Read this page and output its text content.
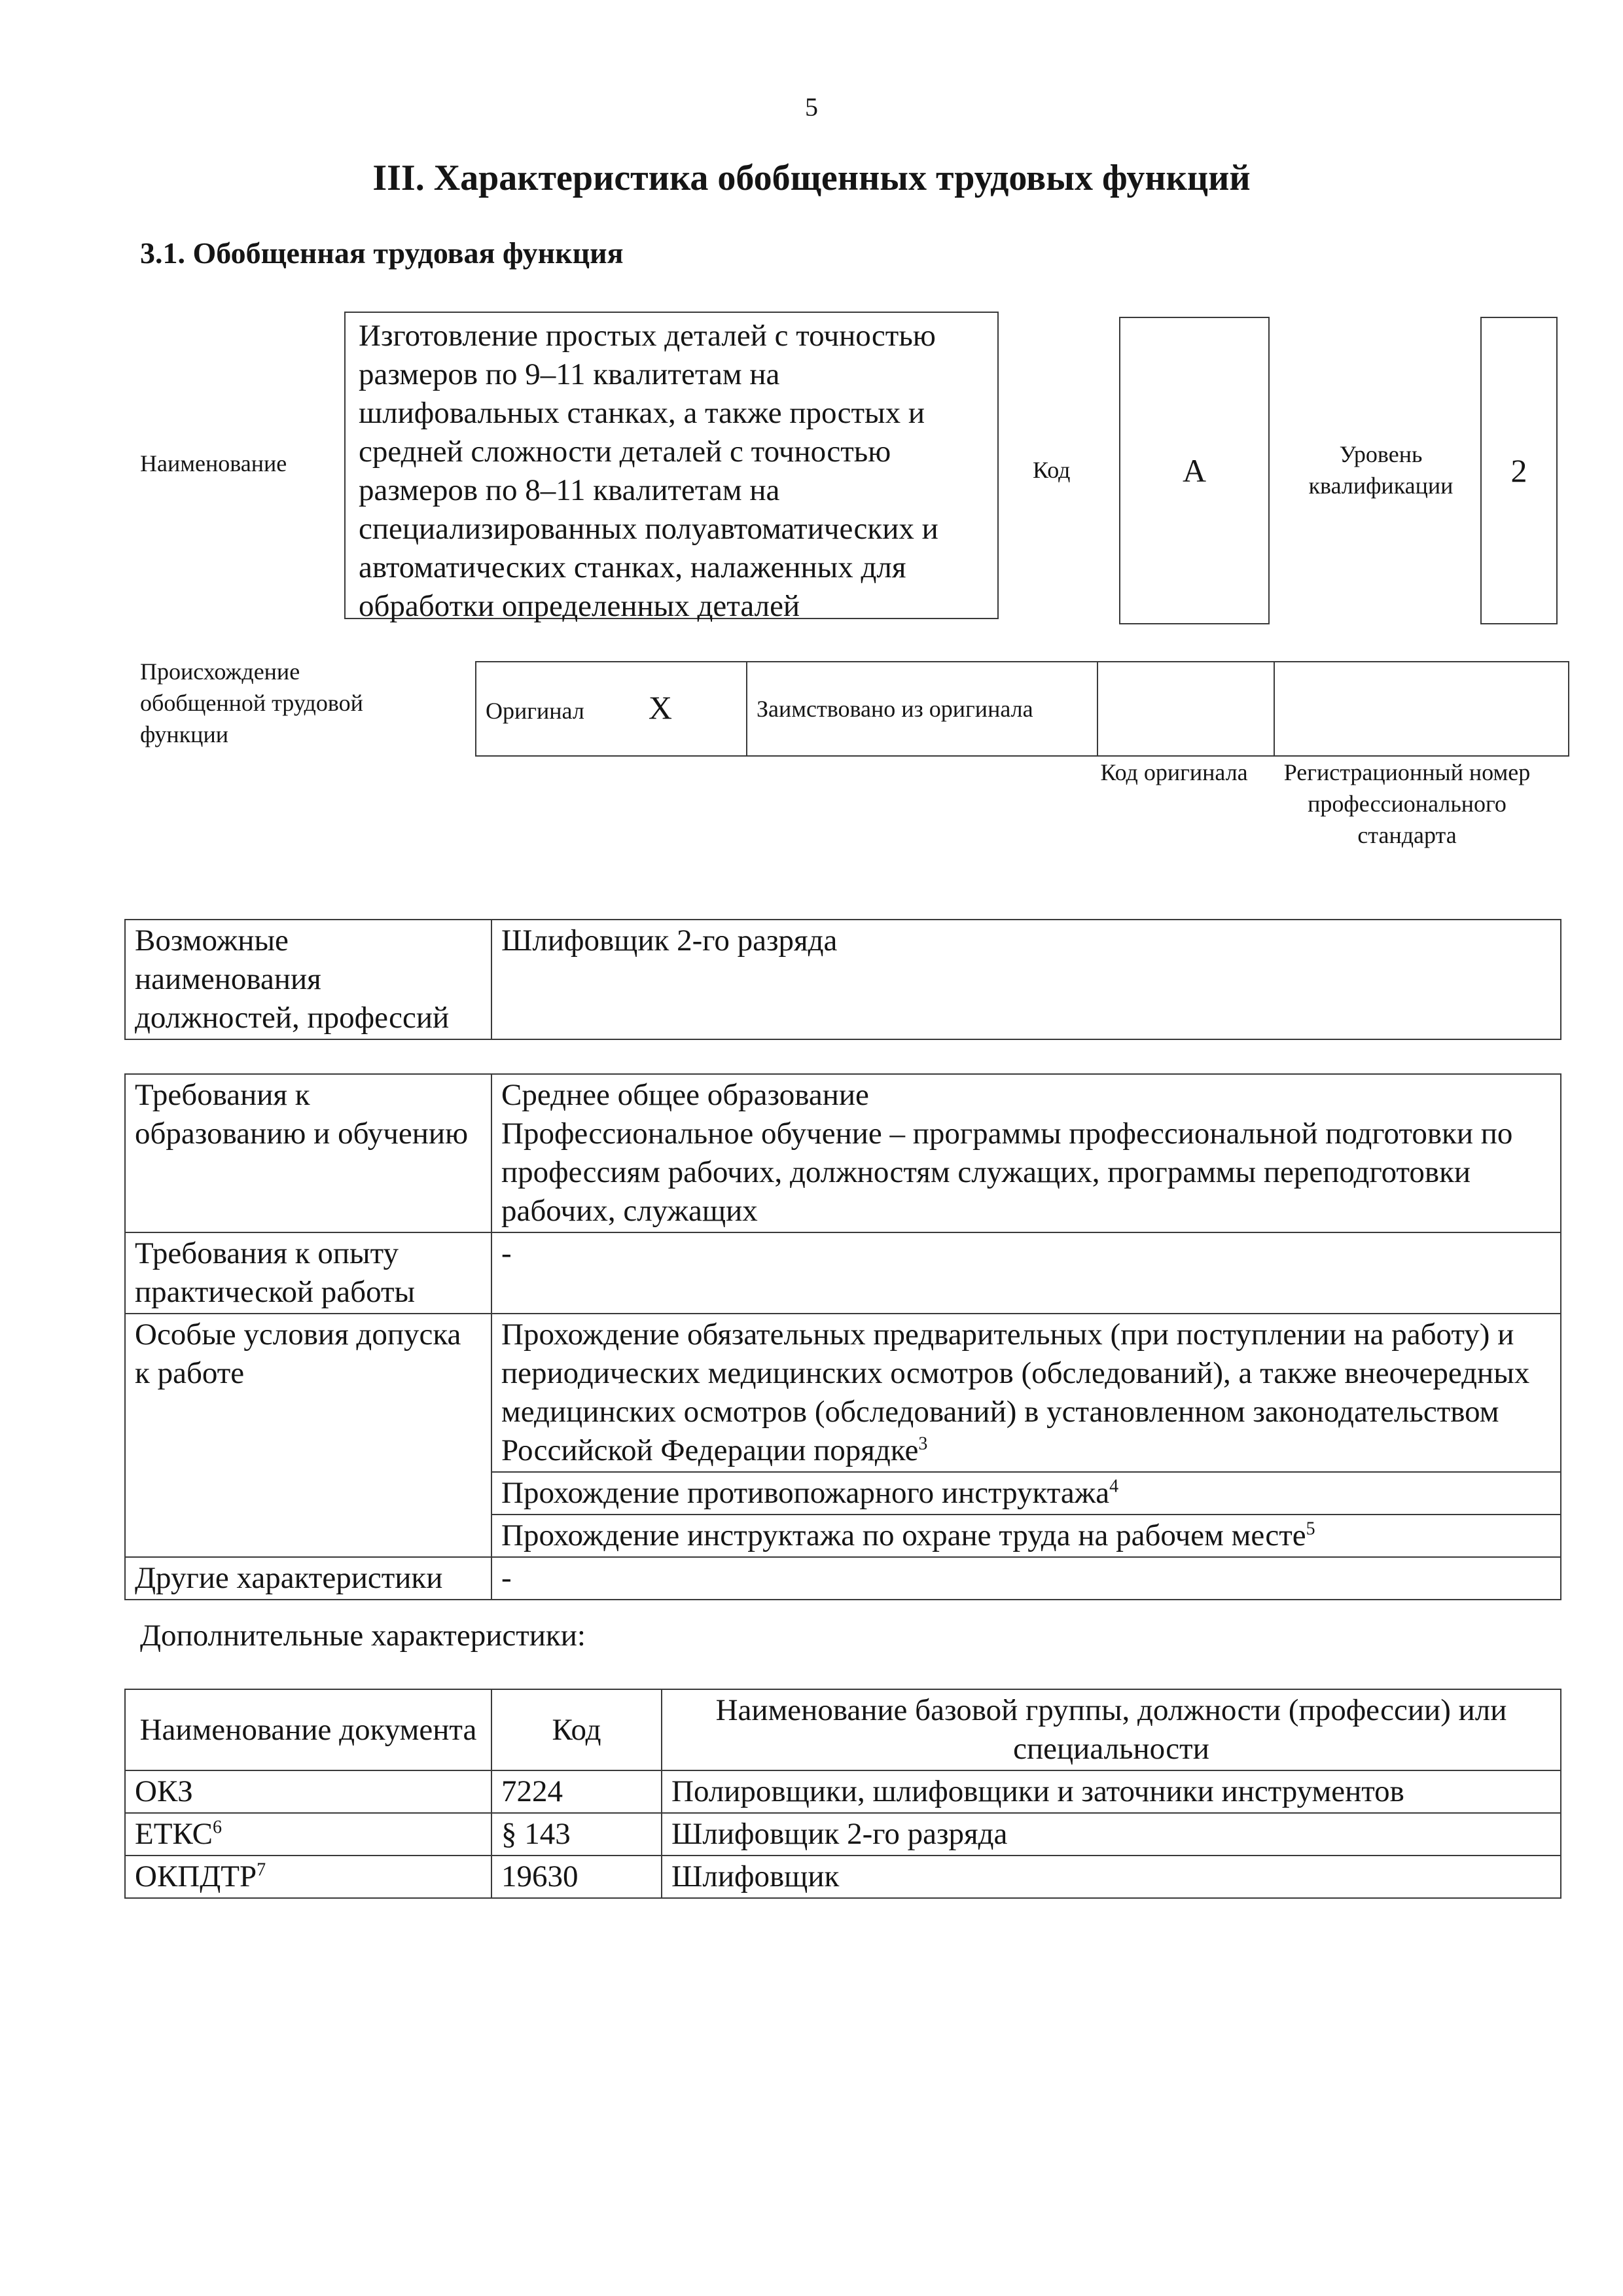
5
III. Характеристика обобщенных трудовых функций
3.1. Обобщенная трудовая функция
Наименование
Изготовление простых деталей с точностью размеров по 9–11 квалитетам на шлифовальных станках, а также простых и средней сложности деталей с точностью размеров по 8–11 квалитетам на специализированных полуавтоматических и автоматических станках, налаженных для обработки определенных деталей
Код	А	Уровень квалификации	2
Происхождение обобщенной трудовой функции
Оригинал X	Заимствовано из оригинала		
Код оригинала	Регистрационный номер профессионального стандарта
Возможные наименования должностей, профессий	Шлифовщик 2-го разряда
Требования к образованию и обучению	Среднее общее образование
Профессиональное обучение – программы профессиональной подготовки по профессиям рабочих, должностям служащих, программы переподготовки рабочих, служащих

Требования к опыту практической работы	-
Особые условия допуска к работе	Прохождение обязательных предварительных (при поступлении на работу) и периодических медицинских осмотров (обследований), а также внеочередных медицинских осмотров (обследований) в установленном законодательством Российской Федерации порядке$^3$
	Прохождение противопожарного инструктажа$^4$
	Прохождение инструктажа по охране труда на рабочем месте$^5$
Другие характеристики	-
Дополнительные характеристики:
Наименование документа	Код	Наименование базовой группы, должности (профессии) или специальности
ОКЗ	7224	Полировщики, шлифовщики и заточники инструментов
ЕТКС$^6$	§ 143	Шлифовщик 2-го разряда
ОКПДТР$^7$	19630	Шлифовщик
